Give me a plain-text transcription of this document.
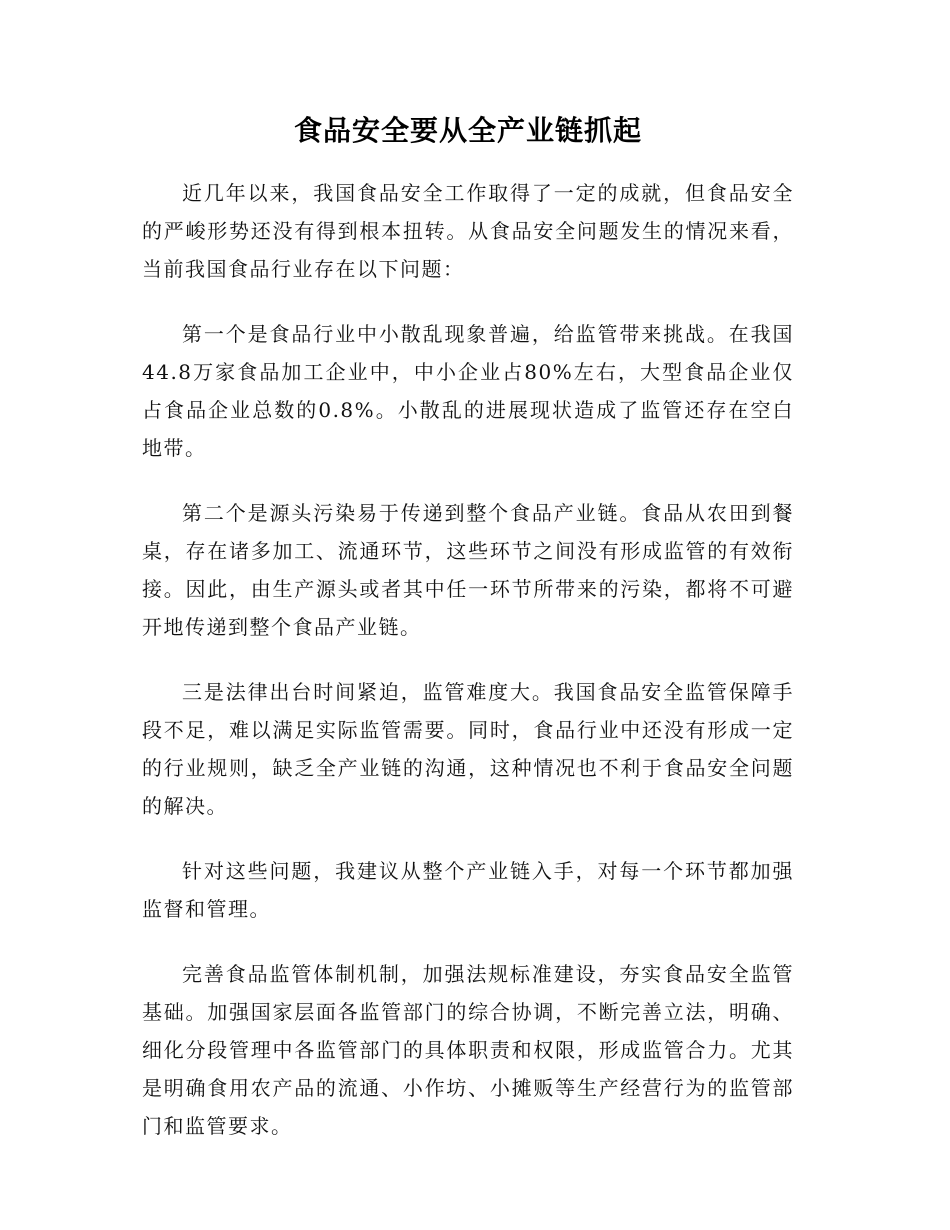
食品安全要从全产业链抓起

近几年以来，我国食品安全工作取得了一定的成就，但食品安全的严峻形势还没有得到根本扭转。从食品安全问题发生的情况来看，当前我国食品行业存在以下问题：

第一个是食品行业中小散乱现象普遍，给监管带来挑战。在我国44.8万家食品加工企业中，中小企业占80%左右，大型食品企业仅占食品企业总数的0.8%。小散乱的进展现状造成了监管还存在空白地带。

第二个是源头污染易于传递到整个食品产业链。食品从农田到餐桌，存在诸多加工、流通环节，这些环节之间没有形成监管的有效衔接。因此，由生产源头或者其中任一环节所带来的污染，都将不可避开地传递到整个食品产业链。

三是法律出台时间紧迫，监管难度大。我国食品安全监管保障手段不足，难以满足实际监管需要。同时，食品行业中还没有形成一定的行业规则，缺乏全产业链的沟通，这种情况也不利于食品安全问题的解决。

针对这些问题，我建议从整个产业链入手，对每一个环节都加强监督和管理。

完善食品监管体制机制，加强法规标准建设，夯实食品安全监管基础。加强国家层面各监管部门的综合协调，不断完善立法，明确、细化分段管理中各监管部门的具体职责和权限，形成监管合力。尤其是明确食用农产品的流通、小作坊、小摊贩等生产经营行为的监管部门和监管要求。
